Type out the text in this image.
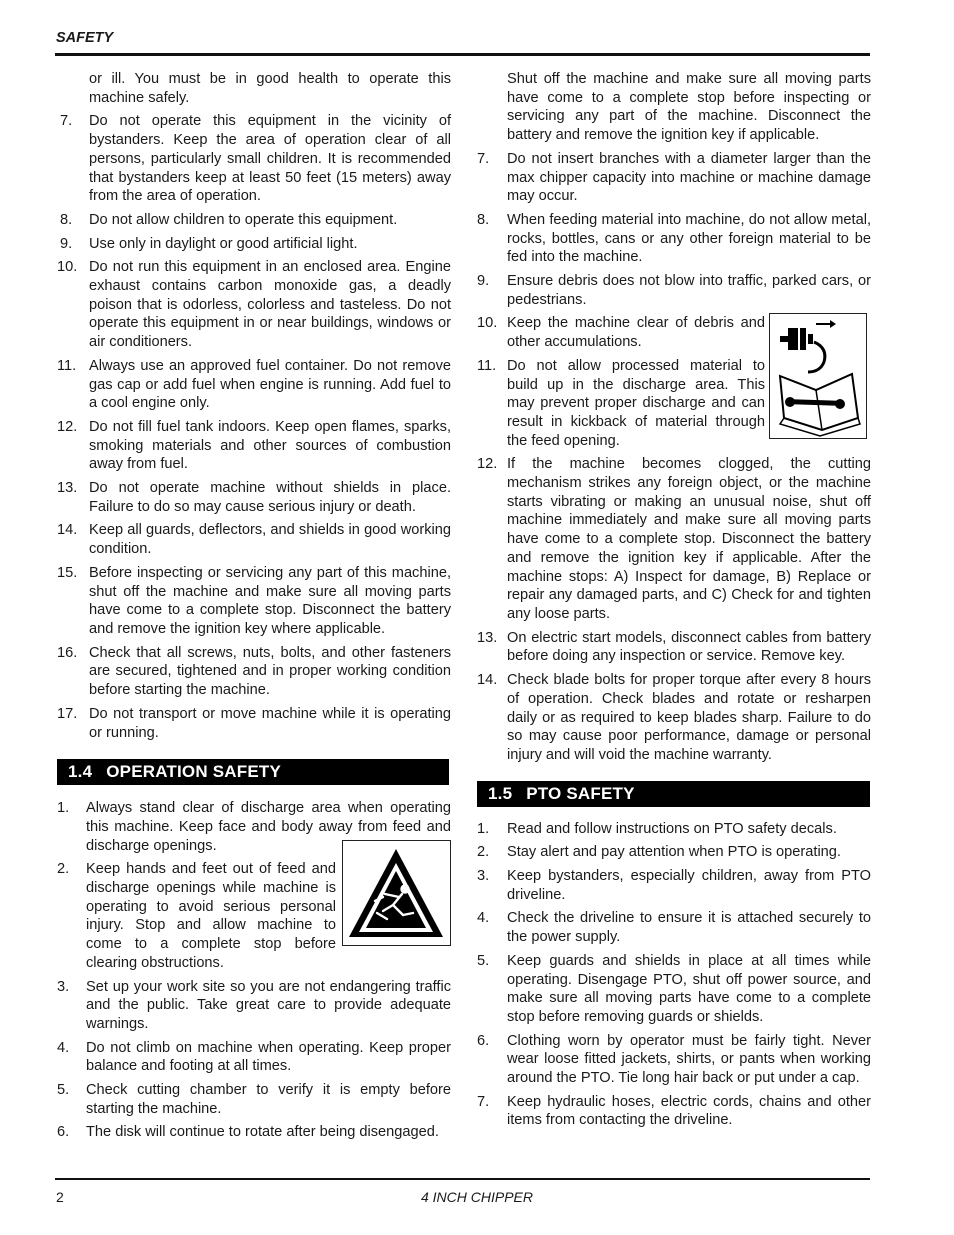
SAFETY
or ill. You must be in good health to operate this machine safely.
7. Do not operate this equipment in the vicinity of bystanders. Keep the area of operation clear of all persons, particularly small children. It is recommended that bystanders keep at least 50 feet (15 meters) away from the area of operation.
8. Do not allow children to operate this equipment.
9. Use only in daylight or good artificial light.
10. Do not run this equipment in an enclosed area. Engine exhaust contains carbon monoxide gas, a deadly poison that is odorless, colorless and tasteless. Do not operate this equipment in or near buildings, windows or air conditioners.
11. Always use an approved fuel container. Do not remove gas cap or add fuel when engine is running. Add fuel to a cool engine only.
12. Do not fill fuel tank indoors. Keep open flames, sparks, smoking materials and other sources of combustion away from fuel.
13. Do not operate machine without shields in place. Failure to do so may cause serious injury or death.
14. Keep all guards, deflectors, and shields in good working condition.
15. Before inspecting or servicing any part of this machine, shut off the machine and make sure all moving parts have come to a complete stop. Disconnect the battery and remove the ignition key where applicable.
16. Check that all screws, nuts, bolts, and other fasteners are secured, tightened and in proper working condition before starting the machine.
17. Do not transport or move machine while it is operating or running.
1.4 OPERATION SAFETY
1. Always stand clear of discharge area when operating this machine. Keep face and body away from feed and discharge openings.
2. Keep hands and feet out of feed and discharge openings while machine is operating to avoid serious personal injury. Stop and allow machine to come to a complete stop before clearing obstructions.
3. Set up your work site so you are not endangering traffic and the public. Take great care to provide adequate warnings.
4. Do not climb on machine when operating. Keep proper balance and footing at all times.
5. Check cutting chamber to verify it is empty before starting the machine.
6. The disk will continue to rotate after being disengaged.
Shut off the machine and make sure all moving parts have come to a complete stop before inspecting or servicing any part of the machine. Disconnect the battery and remove the ignition key if applicable.
7. Do not insert branches with a diameter larger than the max chipper capacity into machine or machine damage may occur.
8. When feeding material into machine, do not allow metal, rocks, bottles, cans or any other foreign material to be fed into the machine.
9. Ensure debris does not blow into traffic, parked cars, or pedestrians.
10. Keep the machine clear of debris and other accumulations.
11. Do not allow processed material to build up in the discharge area. This may prevent proper discharge and can result in kickback of material through the feed opening.
12. If the machine becomes clogged, the cutting mechanism strikes any foreign object, or the machine starts vibrating or making an unusual noise, shut off machine immediately and make sure all moving parts have come to a complete stop. Disconnect the battery and remove the ignition key if applicable. After the machine stops: A) Inspect for damage, B) Replace or repair any damaged parts, and C) Check for and tighten any loose parts.
13. On electric start models, disconnect cables from battery before doing any inspection or service. Remove key.
14. Check blade bolts for proper torque after every 8 hours of operation. Check blades and rotate or resharpen daily or as required to keep blades sharp. Failure to do so may cause poor performance, damage or personal injury and will void the machine warranty.
1.5 PTO SAFETY
1. Read and follow instructions on PTO safety decals.
2. Stay alert and pay attention when PTO is operating.
3. Keep bystanders, especially children, away from PTO driveline.
4. Check the driveline to ensure it is attached securely to the power supply.
5. Keep guards and shields in place at all times while operating. Disengage PTO, shut off power source, and make sure all moving parts have come to a complete stop before removing guards or shields.
6. Clothing worn by operator must be fairly tight. Never wear loose fitted jackets, shirts, or pants when working around the PTO. Tie long hair back or put under a cap.
7. Keep hydraulic hoses, electric cords, chains and other items from contacting the driveline.
2	4 INCH CHIPPER
